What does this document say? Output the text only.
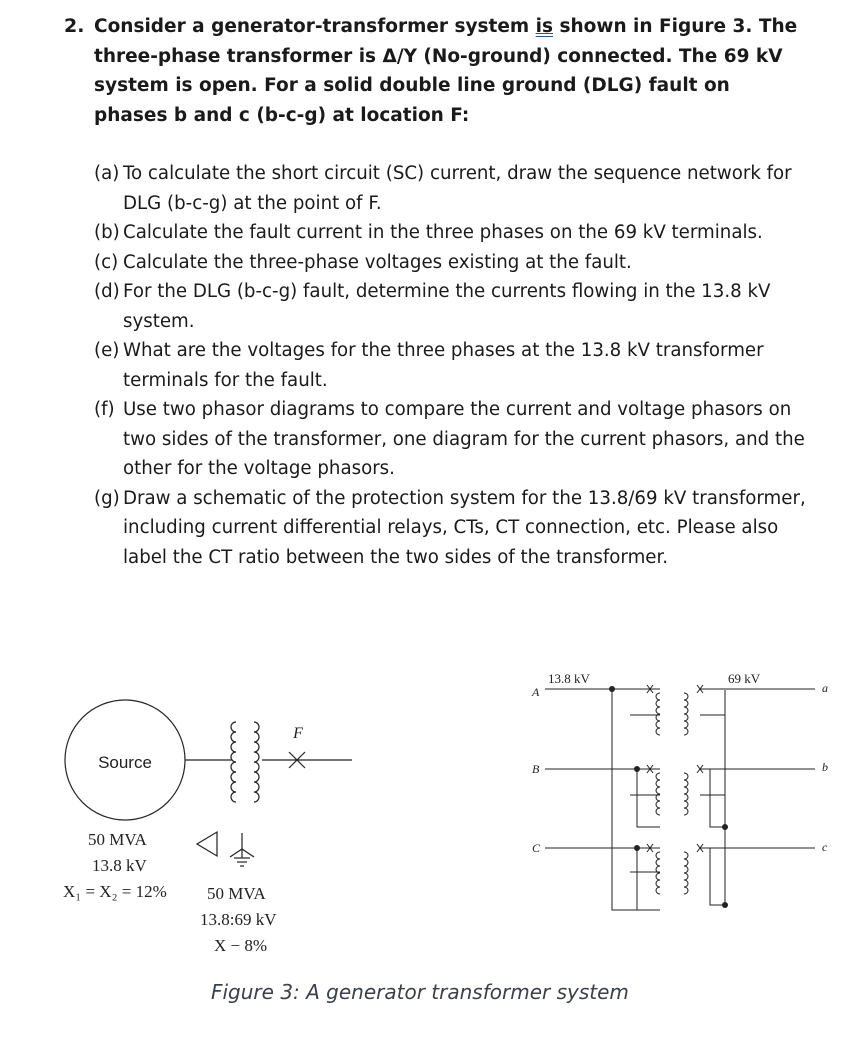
2. Consider a generator-transformer system is shown in Figure 3. The three-phase transformer is Δ/Y (No-ground) connected. The 69 kV system is open. For a solid double line ground (DLG) fault on phases b and c (b-c-g) at location F:

(a) To calculate the short circuit (SC) current, draw the sequence network for DLG (b-c-g) at the point of F.

(b) Calculate the fault current in the three phases on the 69 kV terminals.

(c) Calculate the three-phase voltages existing at the fault.

(d) For the DLG (b-c-g) fault, determine the currents flowing in the 13.8 kV system.

(e) What are the voltages for the three phases at the 13.8 kV transformer terminals for the fault.

(f) Use two phasor diagrams to compare the current and voltage phasors on two sides of the transformer, one diagram for the current phasors, and the other for the voltage phasors.

(g) Draw a schematic of the protection system for the 13.8/69 kV transformer, including current differential relays, CTs, CT connection, etc. Please also label the CT ratio between the two sides of the transformer.

Source
F
50 MVA
13.8 kV
X₁ = X₂ = 12% 50 MVA
13.8:69 kV
X − 8%
13.8 kV	69 kV
A
B
C
a
b
c
Figure 3: A generator transformer system
